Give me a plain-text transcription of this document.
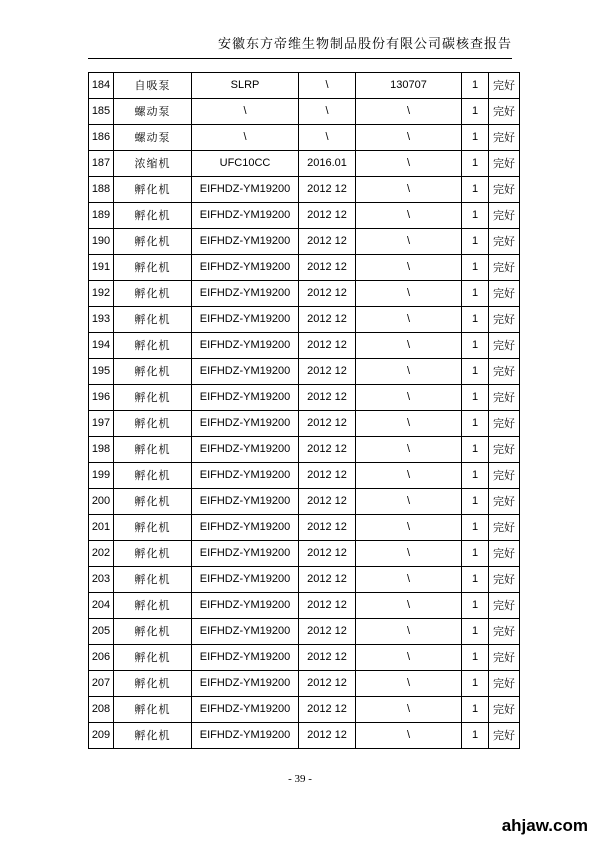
安徽东方帝维生物制品股份有限公司碳核查报告
184	自吸泵	SLRP	\	130707	1	完好
185	螺动泵	\	\	\	1	完好
186	螺动泵	\	\	\	1	完好
187	浓缩机	UFC10CC	2016.01	\	1	完好
188	孵化机	EIFHDZ-YM19200	2012 12	\	1	完好
189	孵化机	EIFHDZ-YM19200	2012 12	\	1	完好
190	孵化机	EIFHDZ-YM19200	2012 12	\	1	完好
191	孵化机	EIFHDZ-YM19200	2012 12	\	1	完好
192	孵化机	EIFHDZ-YM19200	2012 12	\	1	完好
193	孵化机	EIFHDZ-YM19200	2012 12	\	1	完好
194	孵化机	EIFHDZ-YM19200	2012 12	\	1	完好
195	孵化机	EIFHDZ-YM19200	2012 12	\	1	完好
196	孵化机	EIFHDZ-YM19200	2012 12	\	1	完好
197	孵化机	EIFHDZ-YM19200	2012 12	\	1	完好
198	孵化机	EIFHDZ-YM19200	2012 12	\	1	完好
199	孵化机	EIFHDZ-YM19200	2012 12	\	1	完好
200	孵化机	EIFHDZ-YM19200	2012 12	\	1	完好
201	孵化机	EIFHDZ-YM19200	2012 12	\	1	完好
202	孵化机	EIFHDZ-YM19200	2012 12	\	1	完好
203	孵化机	EIFHDZ-YM19200	2012 12	\	1	完好
204	孵化机	EIFHDZ-YM19200	2012 12	\	1	完好
205	孵化机	EIFHDZ-YM19200	2012 12	\	1	完好
206	孵化机	EIFHDZ-YM19200	2012 12	\	1	完好
207	孵化机	EIFHDZ-YM19200	2012 12	\	1	完好
208	孵化机	EIFHDZ-YM19200	2012 12	\	1	完好
209	孵化机	EIFHDZ-YM19200	2012 12	\	1	完好
- 39 -
ahjaw.com
